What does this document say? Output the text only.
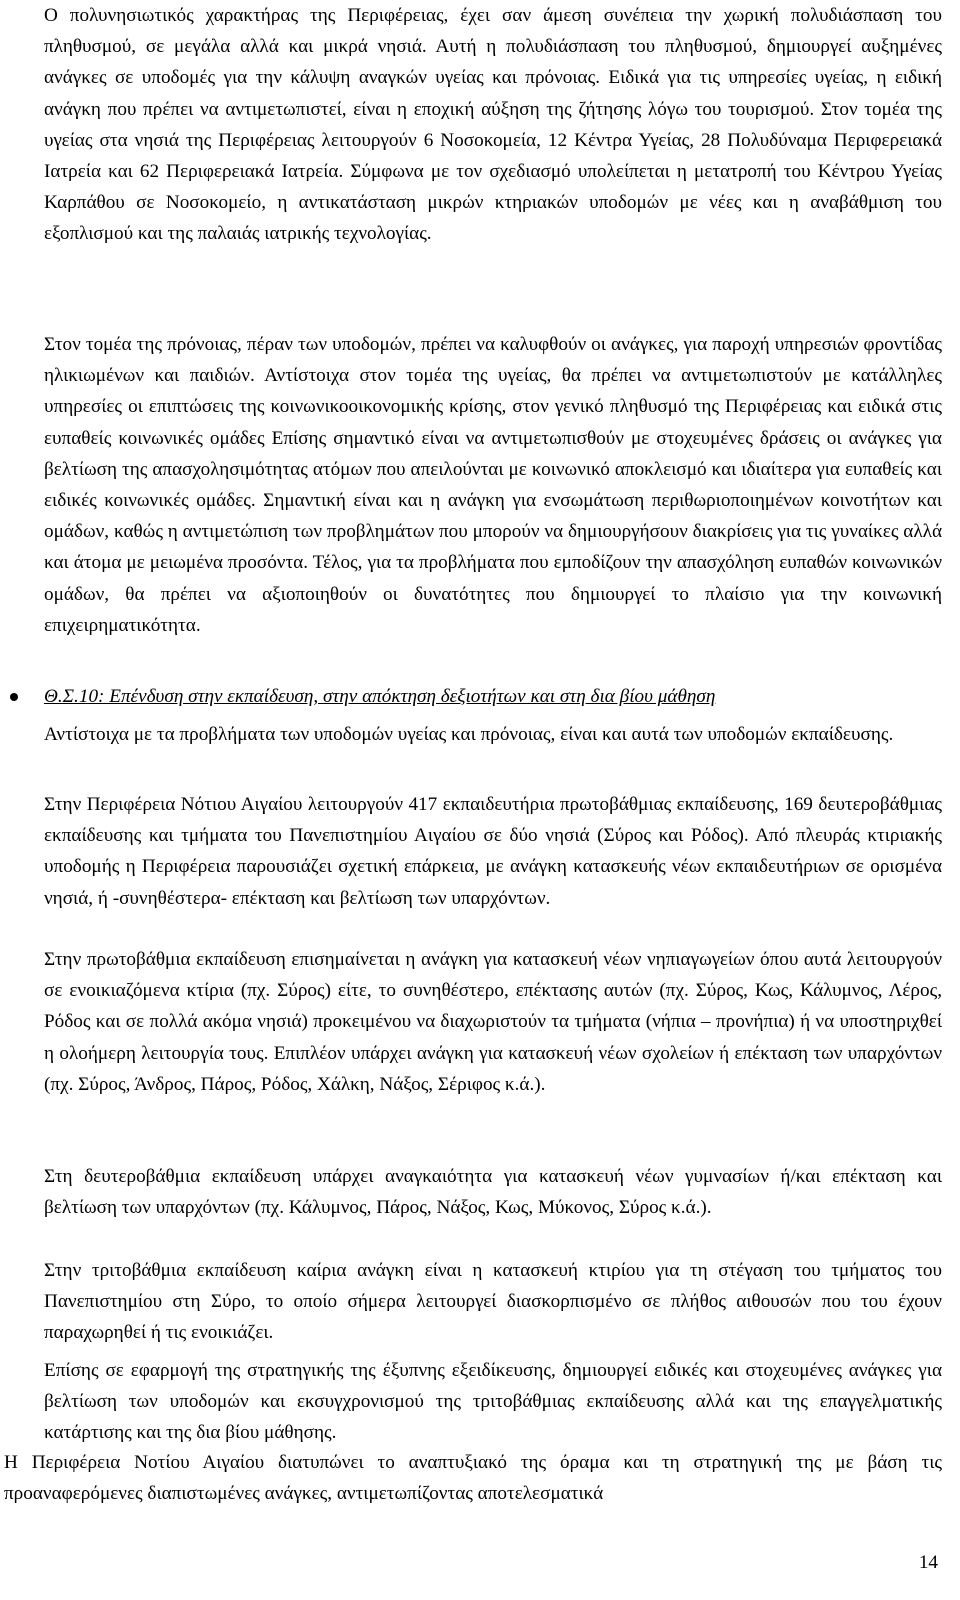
Ο πολυνησιωτικός χαρακτήρας της Περιφέρειας, έχει σαν άμεση συνέπεια την χωρική πολυδιάσπαση του πληθυσμού, σε μεγάλα αλλά και μικρά νησιά. Αυτή η πολυδιάσπαση του πληθυσμού, δημιουργεί αυξημένες ανάγκες σε υποδομές για την κάλυψη αναγκών υγείας και πρόνοιας. Ειδικά για τις υπηρεσίες υγείας, η ειδική ανάγκη που πρέπει να αντιμετωπιστεί, είναι η εποχική αύξηση της ζήτησης λόγω του τουρισμού. Στον τομέα της υγείας στα νησιά της Περιφέρειας λειτουργούν 6 Νοσοκομεία, 12 Κέντρα Υγείας, 28 Πολυδύναμα Περιφερειακά Ιατρεία και 62 Περιφερειακά Ιατρεία. Σύμφωνα με τον σχεδιασμό υπολείπεται η μετατροπή του Κέντρου Υγείας Καρπάθου σε Νοσοκομείο, η αντικατάσταση μικρών κτηριακών υποδομών με νέες και η αναβάθμιση του εξοπλισμού και της παλαιάς ιατρικής τεχνολογίας.

Στον τομέα της πρόνοιας, πέραν των υποδομών, πρέπει να καλυφθούν οι ανάγκες, για παροχή υπηρεσιών φροντίδας ηλικιωμένων και παιδιών. Αντίστοιχα στον τομέα της υγείας, θα πρέπει να αντιμετωπιστούν με κατάλληλες υπηρεσίες οι επιπτώσεις της κοινωνικοοικονομικής κρίσης, στον γενικό πληθυσμό της Περιφέρειας και ειδικά στις ευπαθείς κοινωνικές ομάδες Επίσης σημαντικό είναι να αντιμετωπισθούν με στοχευμένες δράσεις οι ανάγκες για βελτίωση της απασχολησιμότητας ατόμων που απειλούνται με κοινωνικό αποκλεισμό και ιδιαίτερα για ευπαθείς και ειδικές κοινωνικές ομάδες. Σημαντική είναι και η ανάγκη για ενσωμάτωση περιθωριοποιημένων κοινοτήτων και ομάδων, καθώς η αντιμετώπιση των προβλημάτων που μπορούν να δημιουργήσουν διακρίσεις για τις γυναίκες αλλά και άτομα με μειωμένα προσόντα. Τέλος, για τα προβλήματα που εμποδίζουν την απασχόληση ευπαθών κοινωνικών ομάδων, θα πρέπει να αξιοποιηθούν οι δυνατότητες που δημιουργεί το πλαίσιο για την κοινωνική επιχειρηματικότητα.

Θ.Σ.10: Επένδυση στην εκπαίδευση, στην απόκτηση δεξιοτήτων και στη δια βίου μάθηση

Αντίστοιχα με τα προβλήματα των υποδομών υγείας και πρόνοιας, είναι και αυτά των υποδομών εκπαίδευσης.

Στην Περιφέρεια Νότιου Αιγαίου λειτουργούν 417 εκπαιδευτήρια πρωτοβάθμιας εκπαίδευσης, 169 δευτεροβάθμιας εκπαίδευσης και τμήματα του Πανεπιστημίου Αιγαίου σε δύο νησιά (Σύρος και Ρόδος). Από πλευράς κτιριακής υποδομής η Περιφέρεια παρουσιάζει σχετική επάρκεια, με ανάγκη κατασκευής νέων εκπαιδευτήριων σε ορισμένα νησιά, ή -συνηθέστερα- επέκταση και βελτίωση των υπαρχόντων.

Στην πρωτοβάθμια εκπαίδευση επισημαίνεται η ανάγκη για κατασκευή νέων νηπιαγωγείων όπου αυτά λειτουργούν σε ενοικιαζόμενα κτίρια (πχ. Σύρος) είτε, το συνηθέστερο, επέκτασης αυτών (πχ. Σύρος, Κως, Κάλυμνος, Λέρος, Ρόδος και σε πολλά ακόμα νησιά) προκειμένου να διαχωριστούν τα τμήματα (νήπια – προνήπια) ή να υποστηριχθεί η ολοήμερη λειτουργία τους. Επιπλέον υπάρχει ανάγκη για κατασκευή νέων σχολείων ή επέκταση των υπαρχόντων (πχ. Σύρος, Άνδρος, Πάρος, Ρόδος, Χάλκη, Νάξος, Σέριφος κ.ά.).

Στη δευτεροβάθμια εκπαίδευση υπάρχει αναγκαιότητα για κατασκευή νέων γυμνασίων ή/και επέκταση και βελτίωση των υπαρχόντων (πχ. Κάλυμνος, Πάρος, Νάξος, Κως, Μύκονος, Σύρος κ.ά.).

Στην τριτοβάθμια εκπαίδευση καίρια ανάγκη είναι η κατασκευή κτιρίου για τη στέγαση του τμήματος του Πανεπιστημίου στη Σύρο, το οποίο σήμερα λειτουργεί διασκορπισμένο σε πλήθος αιθουσών που του έχουν παραχωρηθεί ή τις ενοικιάζει.

Επίσης σε εφαρμογή της στρατηγικής της έξυπνης εξειδίκευσης, δημιουργεί ειδικές και στοχευμένες ανάγκες για βελτίωση των υποδομών και εκσυγχρονισμού της τριτοβάθμιας εκπαίδευσης αλλά και της επαγγελματικής κατάρτισης και της δια βίου μάθησης.

Η Περιφέρεια Νοτίου Αιγαίου διατυπώνει το αναπτυξιακό της όραμα και τη στρατηγική της με βάση τις προαναφερόμενες διαπιστωμένες ανάγκες, αντιμετωπίζοντας αποτελεσματικά

14
